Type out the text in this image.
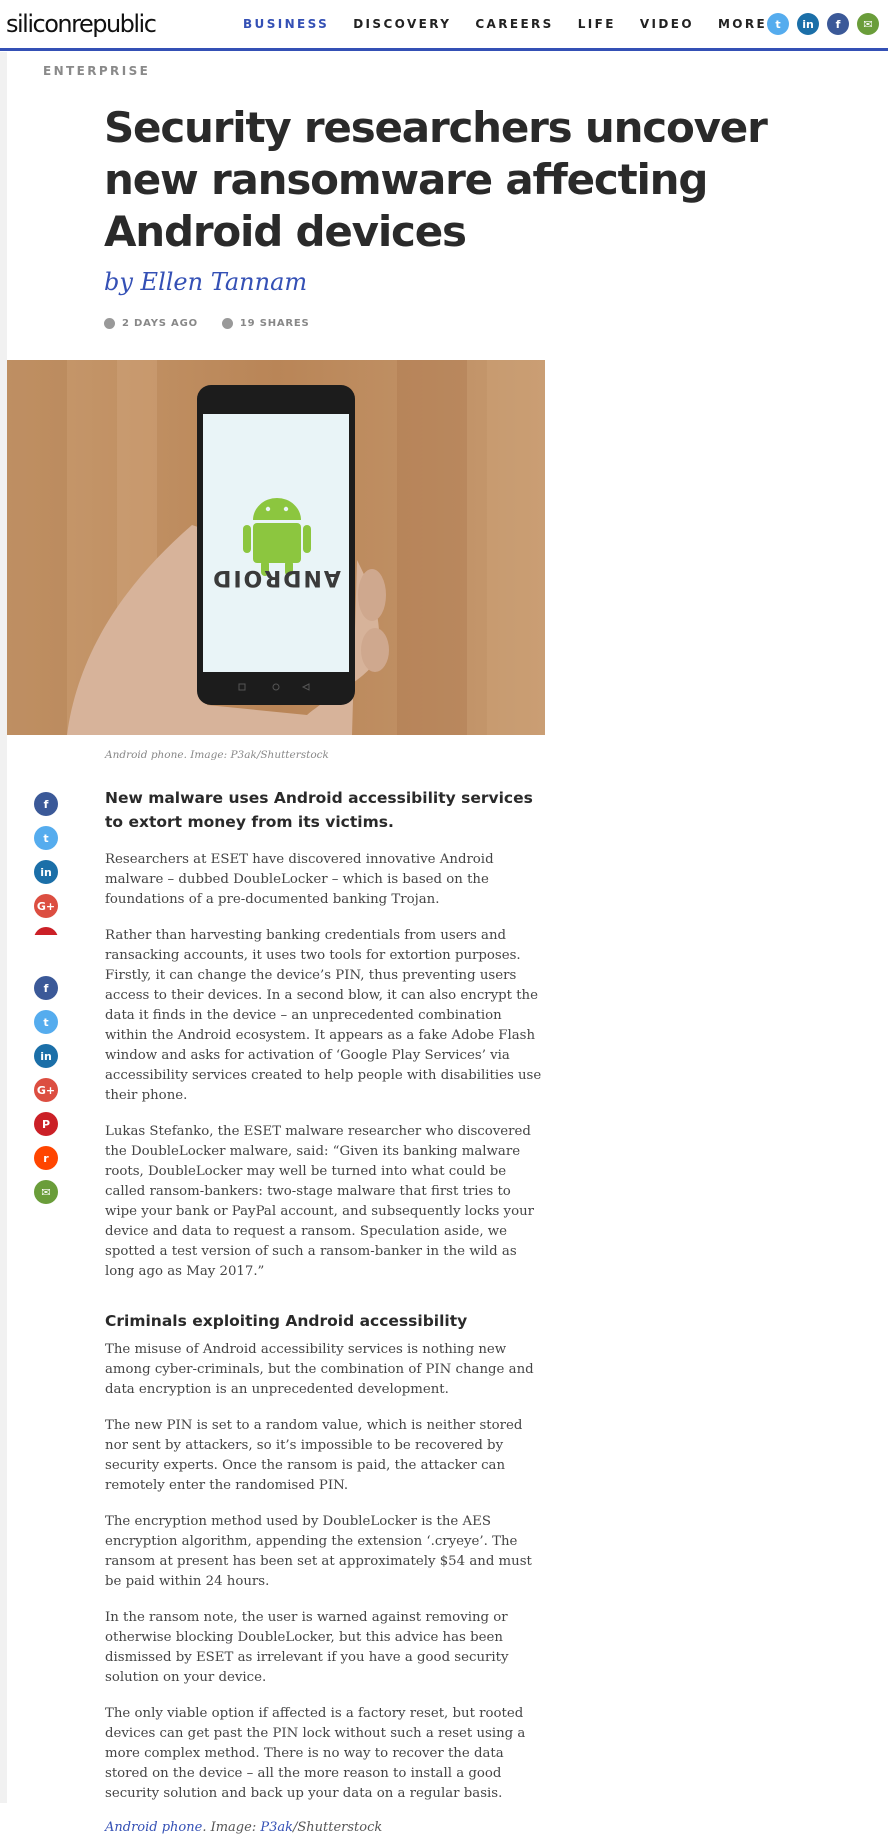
siliconrepublic	BUSINESS DISCOVERY CAREERS LIFE VIDEO MORE t	in	f	✉
ENTERPRISE
Security researchers uncover new ransomware affecting Android devices
by Ellen Tannam
2 DAYS AGO	19 SHARES
ANDROID
Android phone. Image: P3ak/Shutterstock
f
t
in
G+
f
t
in
G+
P
r
✉

New malware uses Android accessibility services to extort money from its victims.

Researchers at ESET have discovered innovative Android malware – dubbed DoubleLocker – which is based on the foundations of a pre-documented banking Trojan.

Rather than harvesting banking credentials from users and ransacking accounts, it uses two tools for extortion purposes. Firstly, it can change the device’s PIN, thus preventing users access to their devices. In a second blow, it can also encrypt the data it finds in the device – an unprecedented combination within the Android ecosystem. It appears as a fake Adobe Flash window and asks for activation of ‘Google Play Services’ via accessibility services created to help people with disabilities use their phone.

Lukas Stefanko, the ESET malware researcher who discovered the DoubleLocker malware, said: “Given its banking malware roots, DoubleLocker may well be turned into what could be called ransom-bankers: two-stage malware that first tries to wipe your bank or PayPal account, and subsequently locks your device and data to request a ransom. Speculation aside, we spotted a test version of such a ransom-banker in the wild as long ago as May 2017.”

Criminals exploiting Android accessibility

The misuse of Android accessibility services is nothing new among cyber-criminals, but the combination of PIN change and data encryption is an unprecedented development.

The new PIN is set to a random value, which is neither stored nor sent by attackers, so it’s impossible to be recovered by security experts. Once the ransom is paid, the attacker can remotely enter the randomised PIN.

The encryption method used by DoubleLocker is the AES encryption algorithm, appending the extension ‘.cryeye’. The ransom at present has been set at approximately $54 and must be paid within 24 hours.

In the ransom note, the user is warned against removing or otherwise blocking DoubleLocker, but this advice has been dismissed by ESET as irrelevant if you have a good security solution on your device.

The only viable option if affected is a factory reset, but rooted devices can get past the PIN lock without such a reset using a more complex method. There is no way to recover the data stored on the device – all the more reason to install a good security solution and back up your data on a regular basis.

Android phone. Image: P3ak/Shutterstock
